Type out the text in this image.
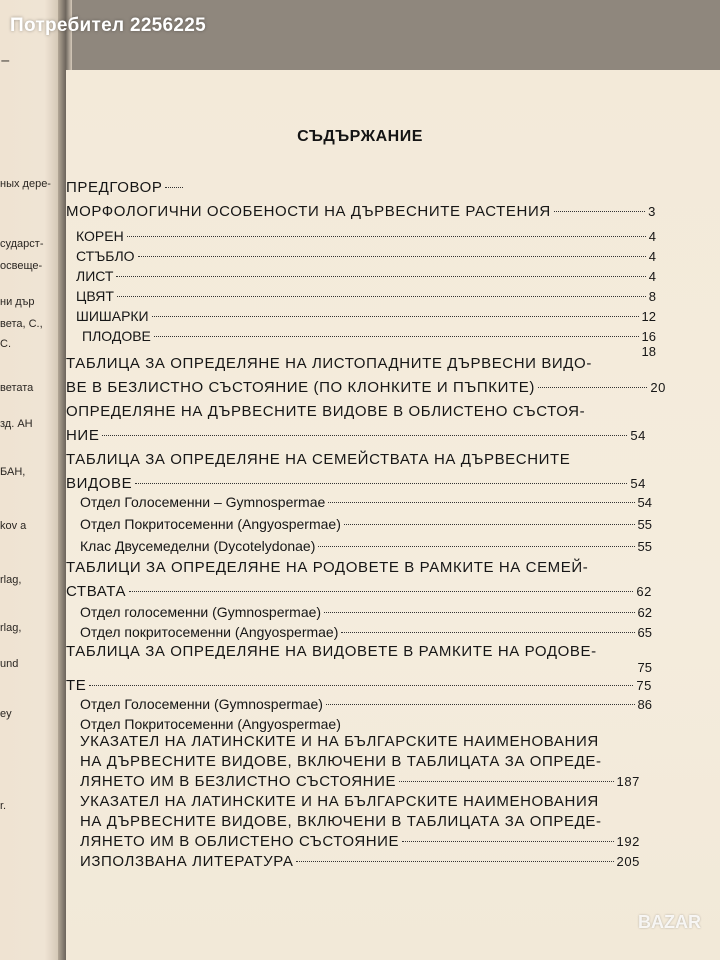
⁻
ных дере-
сударст-
освеще-
ни дър
вета, С.,
С.
ветата
зд. АН
БАН,
kov a
rlag,
rlag,
und
ey
r.
Потребител 2256225
СЪДЪРЖАНИЕ
ПРЕДГОВОР
МОРФОЛОГИЧНИ ОСОБЕНОСТИ НА ДЪРВЕСНИТЕ РАСТЕНИЯ	3
КОРЕН	4
СТЪБЛО	4
ЛИСТ	4
ЦВЯТ	8
ШИШАРКИ	12
ПЛОДОВЕ	16
18
ТАБЛИЦА ЗА ОПРЕДЕЛЯНЕ НА ЛИСТОПАДНИТЕ ДЪРВЕСНИ ВИДО-
ВЕ В БЕЗЛИСТНО СЪСТОЯНИЕ (ПО КЛОНКИТЕ И ПЪПКИТЕ)	20
ОПРЕДЕЛЯНЕ НА ДЪРВЕСНИТЕ ВИДОВЕ В ОБЛИСТЕНО СЪСТОЯ-
НИЕ	54
ТАБЛИЦА ЗА ОПРЕДЕЛЯНЕ НА СЕМЕЙСТВАТА НА ДЪРВЕСНИТЕ
ВИДОВЕ	54
Отдел Голосеменни – Gymnospermae	54
Отдел Покритосеменни (Angyospermae)	55
Клас Двусемеделни (Dycotelydonae)	55
ТАБЛИЦИ ЗА ОПРЕДЕЛЯНЕ НА РОДОВЕТЕ В РАМКИТЕ НА СЕМЕЙ-
СТВАТА	62
Отдел голосеменни (Gymnospermae)	62
Отдел покритосеменни (Angyospermae)	65
ТАБЛИЦА ЗА ОПРЕДЕЛЯНЕ НА ВИДОВЕТЕ В РАМКИТЕ НА РОДОВЕ-
75
ТЕ	75
Отдел Голосеменни (Gymnospermae)	86
Отдел Покритосеменни (Angyospermae)
УКАЗАТЕЛ НА ЛАТИНСКИТЕ И НА БЪЛГАРСКИТЕ НАИМЕНОВАНИЯ
НА ДЪРВЕСНИТЕ ВИДОВЕ, ВКЛЮЧЕНИ В ТАБЛИЦАТА ЗА ОПРЕДЕ-
ЛЯНЕТО ИМ В БЕЗЛИСТНО СЪСТОЯНИЕ	187
УКАЗАТЕЛ НА ЛАТИНСКИТЕ И НА БЪЛГАРСКИТЕ НАИМЕНОВАНИЯ
НА ДЪРВЕСНИТЕ ВИДОВЕ, ВКЛЮЧЕНИ В ТАБЛИЦАТА ЗА ОПРЕДЕ-
ЛЯНЕТО ИМ В ОБЛИСТЕНО СЪСТОЯНИЕ	192
ИЗПОЛЗВАНА ЛИТЕРАТУРА	205
BAZAR
